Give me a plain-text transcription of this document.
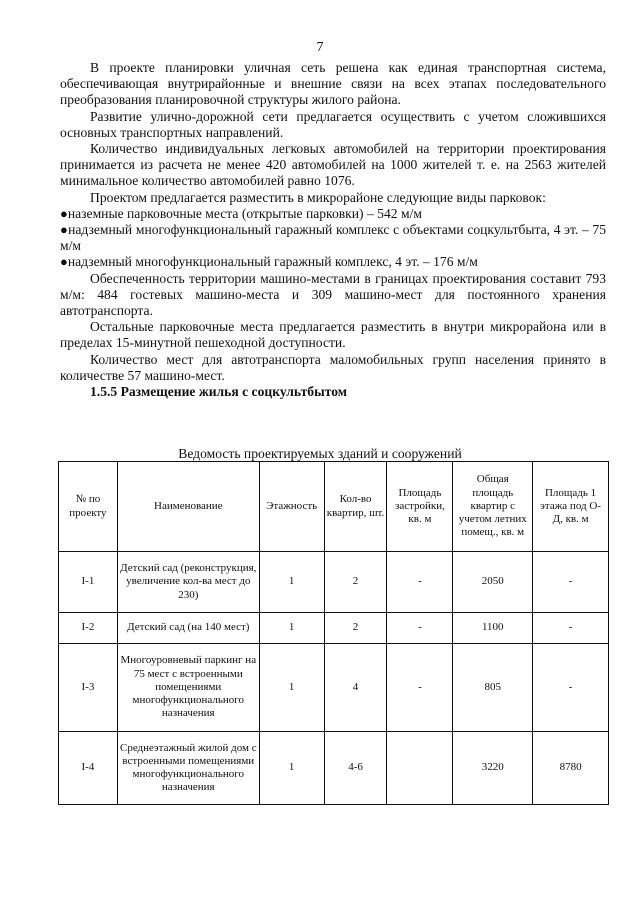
7

В проекте планировки уличная сеть решена как единая транспортная система, обеспечивающая внутрирайонные и внешние связи на всех этапах последовательного преобразования планировочной структуры жилого района.

Развитие улично-дорожной сети предлагается осуществить с учетом сложившихся основных транспортных направлений.

Количество индивидуальных легковых автомобилей на территории проектирования принимается из расчета не менее 420 автомобилей на 1000 жителей т. е. на 2563 жителей минимальное количество автомобилей равно 1076.

Проектом предлагается разместить в микрорайоне следующие виды парковок:

●наземные парковочные места (открытые парковки) – 542 м/м

●надземный многофункциональный гаражный комплекс с объектами соцкультбыта, 4 эт. – 75 м/м

●надземный многофункциональный гаражный комплекс, 4 эт. – 176 м/м

Обеспеченность территории машино-местами в границах проектирования составит 793 м/м: 484 гостевых машино-места и 309 машино-мест для постоянного хранения автотранспорта.

Остальные парковочные места предлагается разместить в внутри микрорайона или в пределах 15-минутной пешеходной доступности.

Количество мест для автотранспорта маломобильных групп населения принято в количестве 57 машино-мест.

1.5.5 Размещение жилья с соцкультбытом
Ведомость проектируемых зданий и сооружений
№ по проекту	Наименование	Этажность	Кол-во квартир, шт.	Площадь застройки, кв. м	Общая площадь квартир с учетом летних помещ., кв. м	Площадь 1 этажа под О-Д, кв. м
I-1	Детский сад (реконструкция, увеличение кол-ва мест до 230)	1	2	-	2050	-
I-2	Детский сад (на 140 мест)	1	2	-	1100	-
I-3	Многоуровневый паркинг на 75 мест с встроенными помещениями многофункционального назначения	1	4	-	805	-
I-4	Среднеэтажный жилой дом с встроенными помещениями многофункционального назначения	1	4-6		3220	8780
